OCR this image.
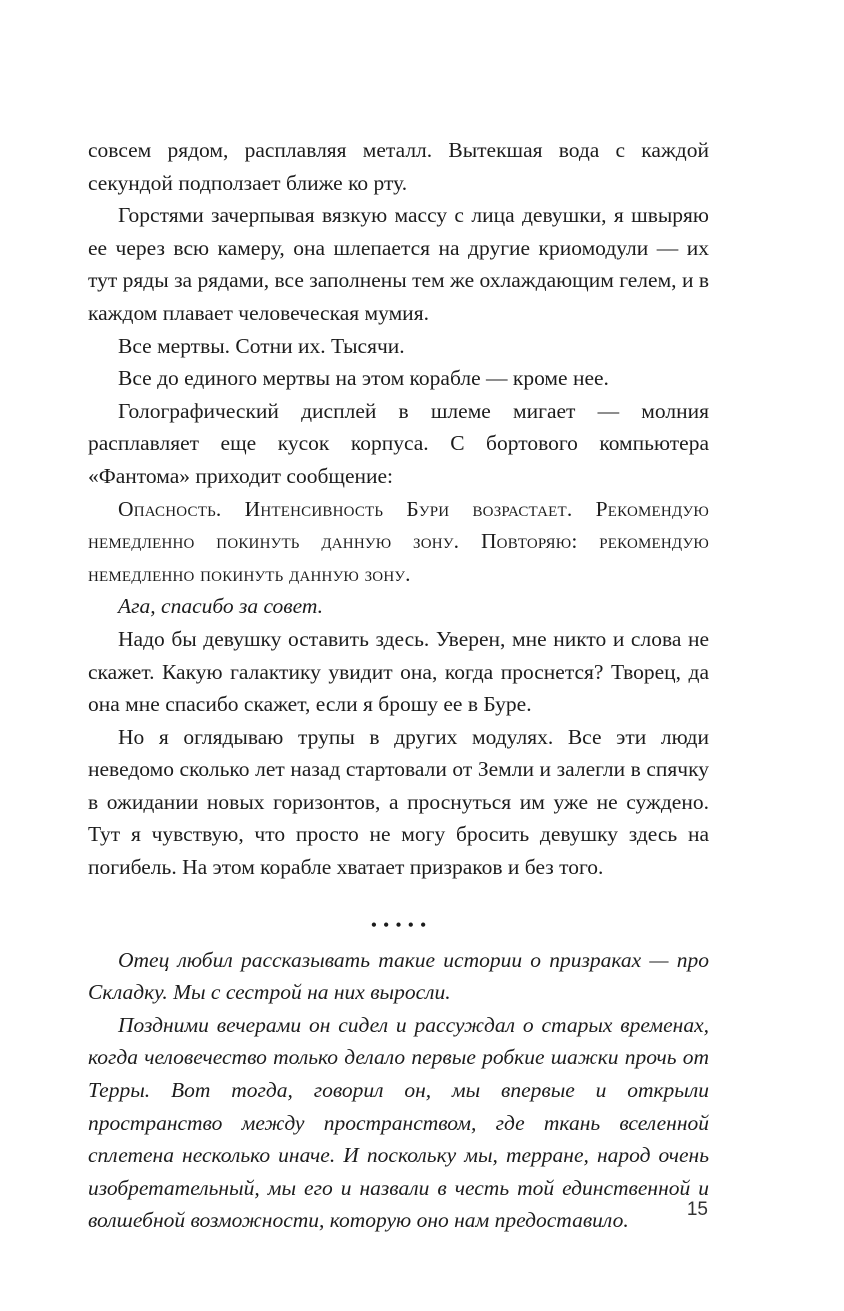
совсем рядом, расплавляя металл. Вытекшая вода с каждой секундой подползает ближе ко рту.

Горстями зачерпывая вязкую массу с лица девушки, я швыряю ее через всю камеру, она шлепается на другие криомодули — их тут ряды за рядами, все заполнены тем же охлаждающим гелем, и в каждом плавает человеческая мумия.

Все мертвы. Сотни их. Тысячи.

Все до единого мертвы на этом корабле — кроме нее.

Голографический дисплей в шлеме мигает — молния расплавляет еще кусок корпуса. С бортового компьютера «Фантома» приходит сообщение:

Опасность. Интенсивность Бури возрастает. Рекомендую немедленно покинуть данную зону. Повторяю: рекомендую немедленно покинуть данную зону.

Ага, спасибо за совет.

Надо бы девушку оставить здесь. Уверен, мне никто и слова не скажет. Какую галактику увидит она, когда проснется? Творец, да она мне спасибо скажет, если я брошу ее в Буре.

Но я оглядываю трупы в других модулях. Все эти люди неведомо сколько лет назад стартовали от Земли и залегли в спячку в ожидании новых горизонтов, а проснуться им уже не суждено. Тут я чувствую, что просто не могу бросить девушку здесь на погибель. На этом корабле хватает призраков и без того.

•••••

Отец любил рассказывать такие истории о призраках — про Складку. Мы с сестрой на них выросли.

Поздними вечерами он сидел и рассуждал о старых временах, когда человечество только делало первые робкие шажки прочь от Терры. Вот тогда, говорил он, мы впервые и открыли пространство между пространством, где ткань вселенной сплетена несколько иначе. И поскольку мы, терране, народ очень изобретательный, мы его и назвали в честь той единственной и волшебной возможности, которую оно нам предоставило.	15
